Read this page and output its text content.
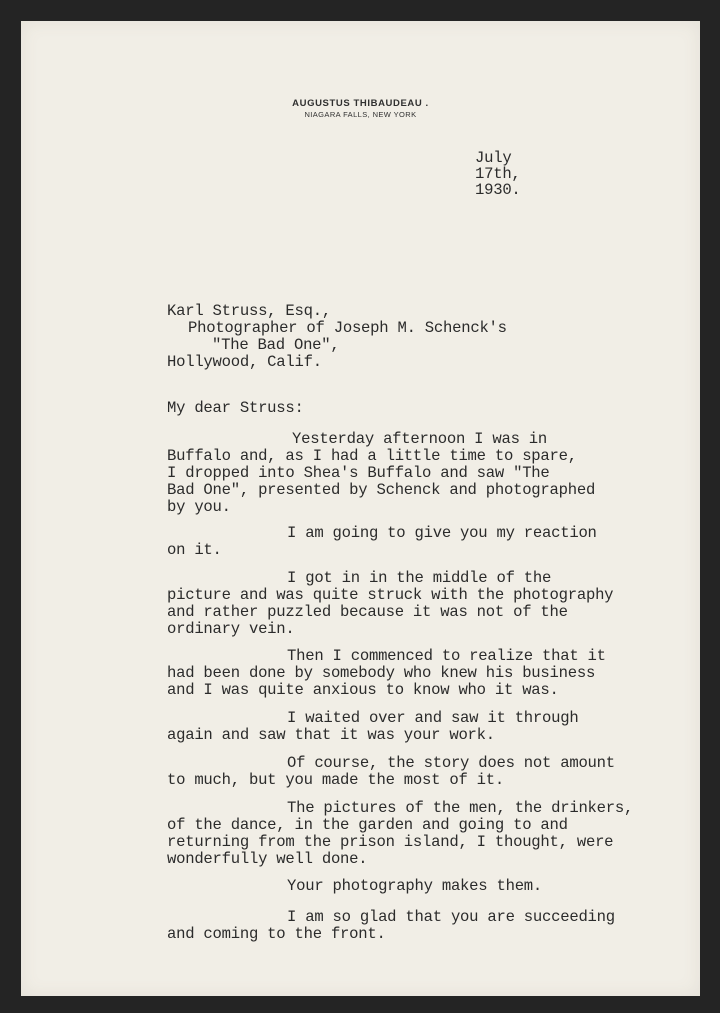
AUGUSTUS THIBAUDEAU .
NIAGARA FALLS, NEW YORK
July
17th,
1930.
Karl Struss, Esq.,
Photographer of Joseph M. Schenck's
"The Bad One",
Hollywood, Calif.
My dear Struss:
Yesterday afternoon I was in
Buffalo and, as I had a little time to spare,
I dropped into Shea's Buffalo and saw "The
Bad One", presented by Schenck and photographed
by you.
I am going to give you my reaction
on it.
I got in in the middle of the
picture and was quite struck with the photography
and rather puzzled because it was not of the
ordinary vein.
Then I commenced to realize that it
had been done by somebody who knew his business
and I was quite anxious to know who it was.
I waited over and saw it through
again and saw that it was your work.
Of course, the story does not amount
to much, but you made the most of it.
The pictures of the men, the drinkers,
of the dance, in the garden and going to and
returning from the prison island, I thought, were
wonderfully well done.
Your photography makes them.
I am so glad that you are succeeding
and coming to the front.
